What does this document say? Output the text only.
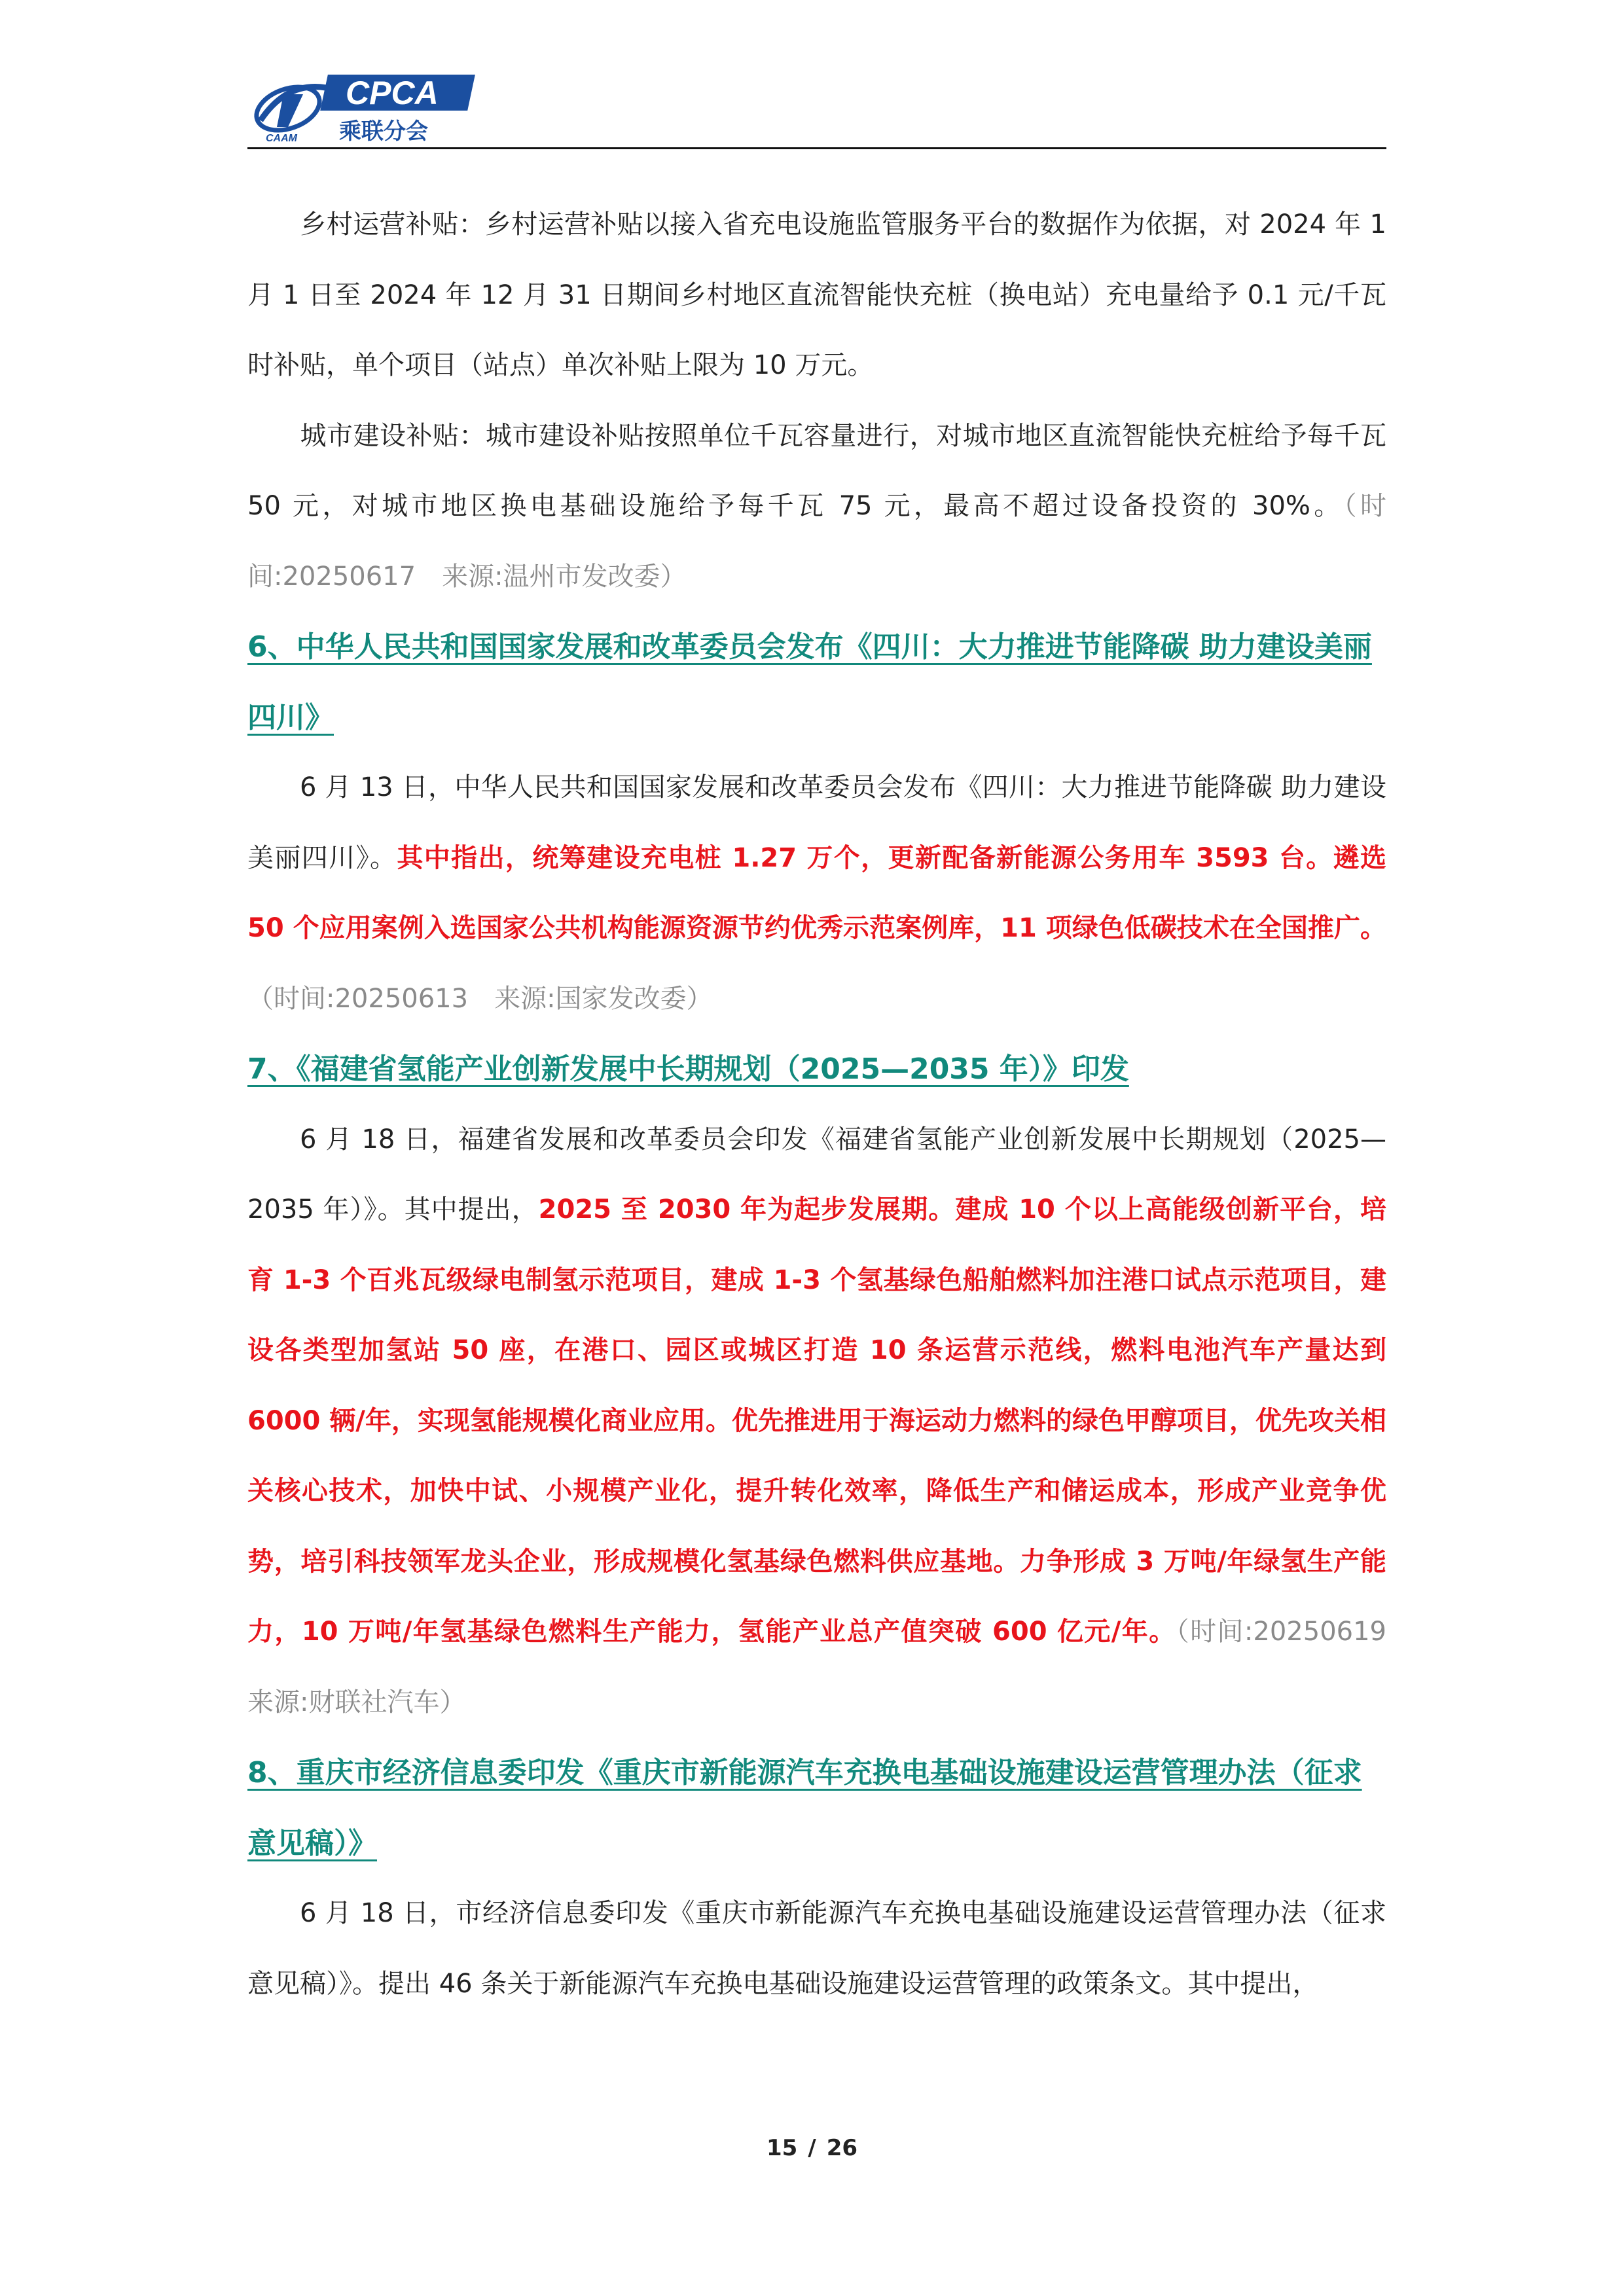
CPCA
乘联分会
CAAM

乡村运营补贴：乡村运营补贴以接入省充电设施监管服务平台的数据作为依据，对 2024 年 1 月 1 日至 2024 年 12 月 31 日期间乡村地区直流智能快充桩（换电站）充电量给予 0.1 元/千瓦时补贴，单个项目（站点）单次补贴上限为 10 万元。

城市建设补贴：城市建设补贴按照单位千瓦容量进行，对城市地区直流智能快充桩给予每千瓦 50 元，对城市地区换电基础设施给予每千瓦 75 元，最高不超过设备投资的 30%。（时间:20250617　来源:温州市发改委）

6、中华人民共和国国家发展和改革委员会发布《四川：大力推进节能降碳 助力建设美丽四川》

6 月 13 日，中华人民共和国国家发展和改革委员会发布《四川：大力推进节能降碳 助力建设美丽四川》。其中指出，统筹建设充电桩 1.27 万个，更新配备新能源公务用车 3593 台。遴选 50 个应用案例入选国家公共机构能源资源节约优秀示范案例库，11 项绿色低碳技术在全国推广。（时间:20250613　来源:国家发改委）

7、《福建省氢能产业创新发展中长期规划（2025—2035 年）》印发

6 月 18 日，福建省发展和改革委员会印发《福建省氢能产业创新发展中长期规划（2025—2035 年）》。其中提出，2025 至 2030 年为起步发展期。建成 10 个以上高能级创新平台，培育 1-3 个百兆瓦级绿电制氢示范项目，建成 1-3 个氢基绿色船舶燃料加注港口试点示范项目，建设各类型加氢站 50 座，在港口、园区或城区打造 10 条运营示范线，燃料电池汽车产量达到 6000 辆/年，实现氢能规模化商业应用。优先推进用于海运动力燃料的绿色甲醇项目，优先攻关相关核心技术，加快中试、小规模产业化，提升转化效率，降低生产和储运成本，形成产业竞争优势，培引科技领军龙头企业，形成规模化氢基绿色燃料供应基地。力争形成 3 万吨/年绿氢生产能力，10 万吨/年氢基绿色燃料生产能力，氢能产业总产值突破 600 亿元/年。（时间:20250619　来源:财联社汽车）

8、重庆市经济信息委印发《重庆市新能源汽车充换电基础设施建设运营管理办法（征求意见稿）》

6 月 18 日，市经济信息委印发《重庆市新能源汽车充换电基础设施建设运营管理办法（征求意见稿）》。提出 46 条关于新能源汽车充换电基础设施建设运营管理的政策条文。其中提出，

15 / 26
